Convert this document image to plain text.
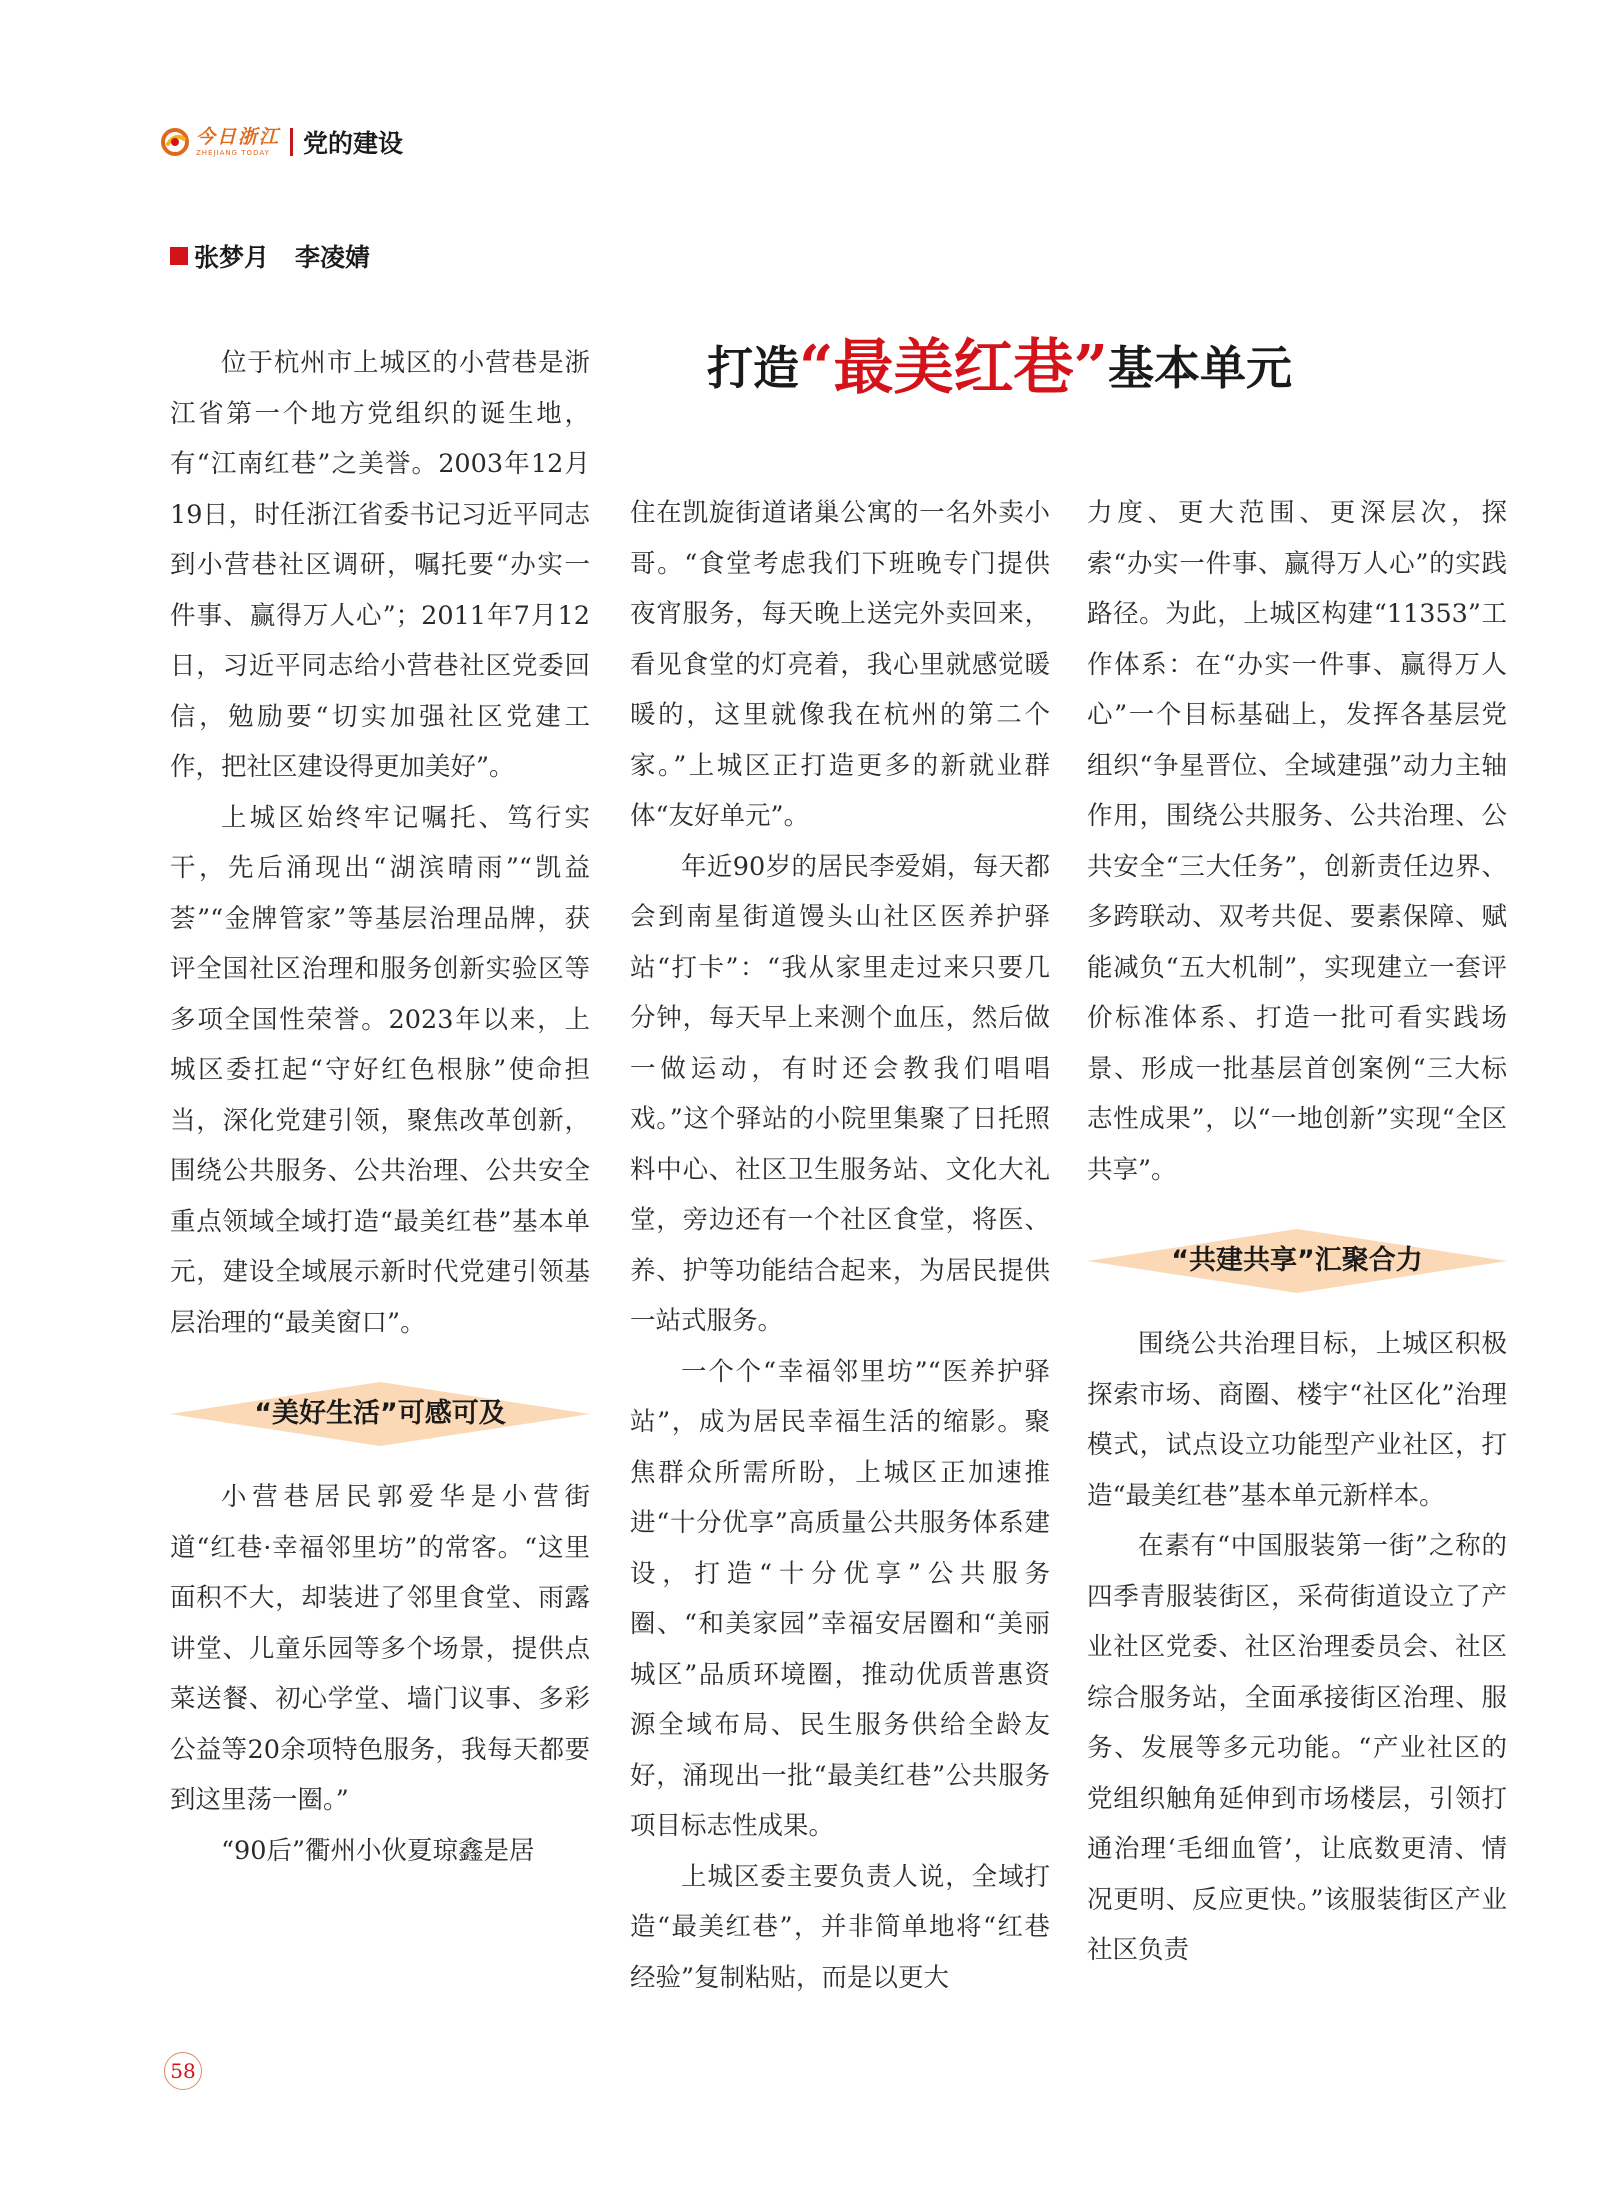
今日浙江
ZHEJIANG TODAY	党的建设
张梦月 李凌婧
打造 “ 最美红巷 ” 基本单元

位于杭州市上城区的小营巷是浙江省第一个地方党组织的诞生地，有“江南红巷”之美誉。2003年12月19日，时任浙江省委书记习近平同志到小营巷社区调研，嘱托要“办实一件事、赢得万人心”；2011年7月12日，习近平同志给小营巷社区党委回信，勉励要“切实加强社区党建工作，把社区建设得更加美好”。

上城区始终牢记嘱托、笃行实干，先后涌现出“湖滨晴雨”“凯益荟”“金牌管家”等基层治理品牌，获评全国社区治理和服务创新实验区等多项全国性荣誉。2023年以来，上城区委扛起“守好红色根脉”使命担当，深化党建引领，聚焦改革创新，围绕公共服务、公共治理、公共安全重点领域全域打造“最美红巷”基本单元，建设全域展示新时代党建引领基层治理的“最美窗口”。

“美好生活”可感可及

小营巷居民郭爱华是小营街道“红巷·幸福邻里坊”的常客。“这里面积不大，却装进了邻里食堂、雨露讲堂、儿童乐园等多个场景，提供点菜送餐、初心学堂、墙门议事、多彩公益等20余项特色服务，我每天都要到这里荡一圈。”

“90后”衢州小伙夏琼鑫是居

住在凯旋街道诸巢公寓的一名外卖小哥。“食堂考虑我们下班晚专门提供夜宵服务，每天晚上送完外卖回来，看见食堂的灯亮着，我心里就感觉暖暖的，这里就像我在杭州的第二个家。”上城区正打造更多的新就业群体“友好单元”。

年近90岁的居民李爱娟，每天都会到南星街道馒头山社区医养护驿站“打卡”：“我从家里走过来只要几分钟，每天早上来测个血压，然后做一做运动，有时还会教我们唱唱戏。”这个驿站的小院里集聚了日托照料中心、社区卫生服务站、文化大礼堂，旁边还有一个社区食堂，将医、养、护等功能结合起来，为居民提供一站式服务。

一个个“幸福邻里坊”“医养护驿站”，成为居民幸福生活的缩影。聚焦群众所需所盼，上城区正加速推进“十分优享”高质量公共服务体系建设，打造“十分优享”公共服务圈、“和美家园”幸福安居圈和“美丽城区”品质环境圈，推动优质普惠资源全域布局、民生服务供给全龄友好，涌现出一批“最美红巷”公共服务项目标志性成果。

上城区委主要负责人说，全域打造“最美红巷”，并非简单地将“红巷经验”复制粘贴，而是以更大

力度、更大范围、更深层次，探索“办实一件事、赢得万人心”的实践路径。为此，上城区构建“11353”工作体系：在“办实一件事、赢得万人心”一个目标基础上，发挥各基层党组织“争星晋位、全域建强”动力主轴作用，围绕公共服务、公共治理、公共安全“三大任务”，创新责任边界、多跨联动、双考共促、要素保障、赋能减负“五大机制”，实现建立一套评价标准体系、打造一批可看实践场景、形成一批基层首创案例“三大标志性成果”，以“一地创新”实现“全区共享”。

“共建共享”汇聚合力

围绕公共治理目标，上城区积极探索市场、商圈、楼宇“社区化”治理模式，试点设立功能型产业社区，打造“最美红巷”基本单元新样本。

在素有“中国服装第一街”之称的四季青服装街区，采荷街道设立了产业社区党委、社区治理委员会、社区综合服务站，全面承接街区治理、服务、发展等多元功能。“产业社区的党组织触角延伸到市场楼层，引领打通治理‘毛细血管’，让底数更清、情况更明、反应更快。”该服装街区产业社区负责

58
